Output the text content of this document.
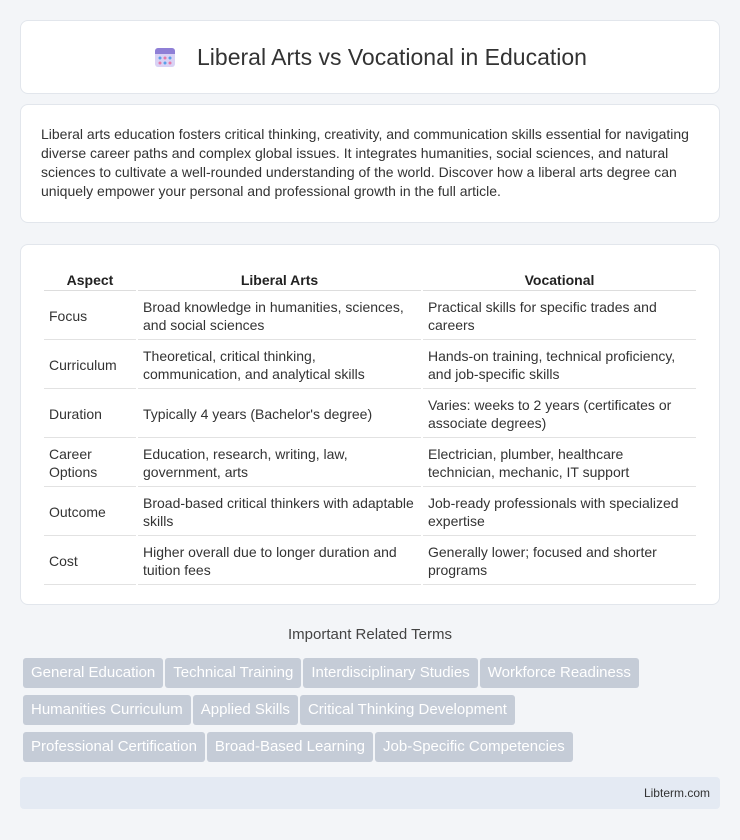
Liberal Arts vs Vocational in Education

Liberal arts education fosters critical thinking, creativity, and communication skills essential for navigating diverse career paths and complex global issues. It integrates humanities, social sciences, and natural sciences to cultivate a well-rounded understanding of the world. Discover how a liberal arts degree can uniquely empower your personal and professional growth in the full article.

Aspect	Liberal Arts	Vocational
Focus	Broad knowledge in humanities, sciences, and social sciences	Practical skills for specific trades and careers
Curriculum	Theoretical, critical thinking, communication, and analytical skills	Hands-on training, technical proficiency, and job-specific skills
Duration	Typically 4 years (Bachelor's degree)	Varies: weeks to 2 years (certificates or associate degrees)
Career Options	Education, research, writing, law, government, arts	Electrician, plumber, healthcare technician, mechanic, IT support
Outcome	Broad-based critical thinkers with adaptable skills	Job-ready professionals with specialized expertise
Cost	Higher overall due to longer duration and tuition fees	Generally lower; focused and shorter programs
Important Related Terms
General Education Technical Training Interdisciplinary Studies Workforce Readiness
Humanities Curriculum Applied Skills Critical Thinking Development
Professional Certification Broad-Based Learning Job-Specific Competencies
Libterm.com
